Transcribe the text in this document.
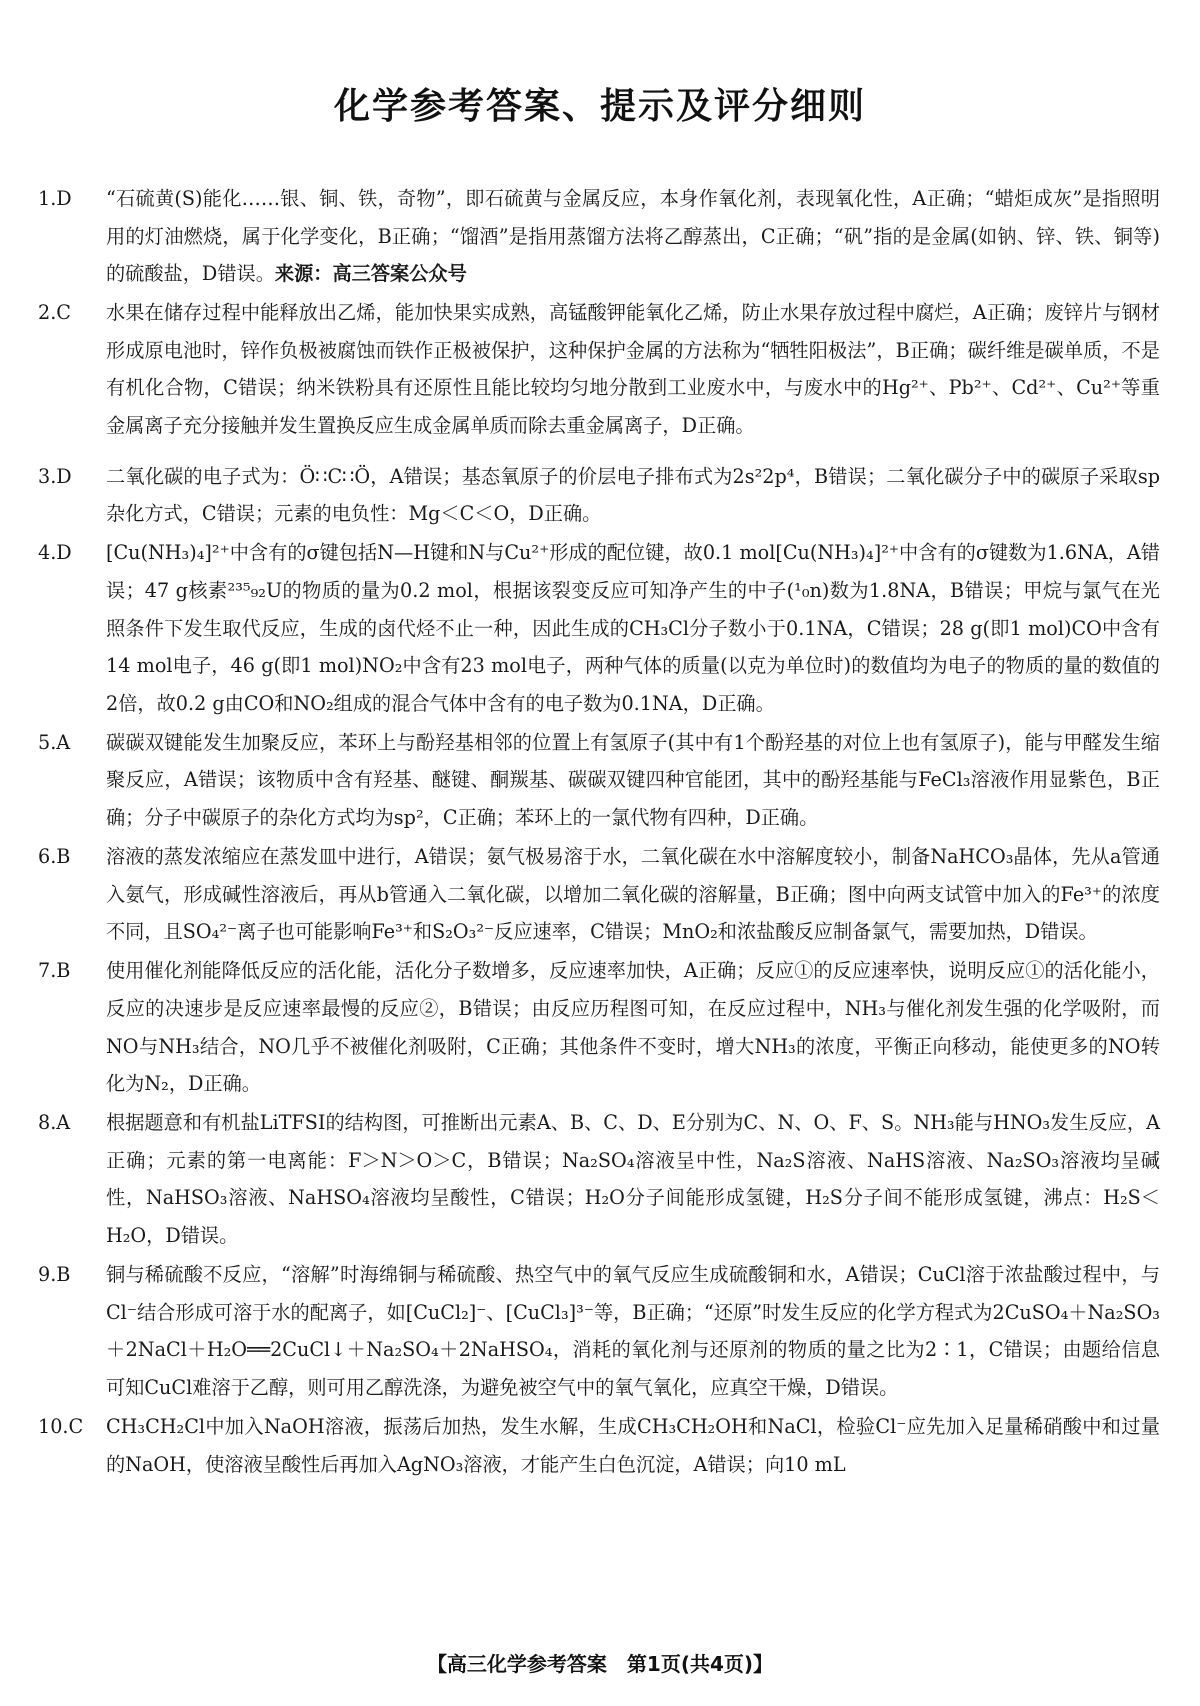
化学参考答案、提示及评分细则
1.D “石硫黄(S)能化……银、铜、铁，奇物”，即石硫黄与金属反应，本身作氧化剂，表现氧化性，A正确；“蜡炬成灰”是指照明用的灯油燃烧，属于化学变化，B正确；“馏酒”是指用蒸馏方法将乙醇蒸出，C正确；“矾”指的是金属(如钠、锌、铁、铜等)的硫酸盐，D错误。来源：高三答案公众号
2.C 水果在储存过程中能释放出乙烯，能加快果实成熟，高锰酸钾能氧化乙烯，防止水果存放过程中腐烂，A正确；废锌片与钢材形成原电池时，锌作负极被腐蚀而铁作正极被保护，这种保护金属的方法称为“牺牲阳极法”，B正确；碳纤维是碳单质，不是有机化合物，C错误；纳米铁粉具有还原性且能比较均匀地分散到工业废水中，与废水中的Hg²⁺、Pb²⁺、Cd²⁺、Cu²⁺等重金属离子充分接触并发生置换反应生成金属单质而除去重金属离子，D正确。
3.D 二氧化碳的电子式为：Ö∷C∷Ö，A错误；基态氧原子的价层电子排布式为2s²2p⁴，B错误；二氧化碳分子中的碳原子采取sp杂化方式，C错误；元素的电负性：Mg＜C＜O，D正确。
4.D [Cu(NH₃)₄]²⁺中含有的σ键包括N—H键和N与Cu²⁺形成的配位键，故0.1 mol[Cu(NH₃)₄]²⁺中含有的σ键数为1.6NA，A错误；47 g核素²³⁵₉₂U的物质的量为0.2 mol，根据该裂变反应可知净产生的中子(¹₀n)数为1.8NA，B错误；甲烷与氯气在光照条件下发生取代反应，生成的卤代烃不止一种，因此生成的CH₃Cl分子数小于0.1NA，C错误；28 g(即1 mol)CO中含有14 mol电子，46 g(即1 mol)NO₂中含有23 mol电子，两种气体的质量(以克为单位时)的数值均为电子的物质的量的数值的2倍，故0.2 g由CO和NO₂组成的混合气体中含有的电子数为0.1NA，D正确。
5.A 碳碳双键能发生加聚反应，苯环上与酚羟基相邻的位置上有氢原子(其中有1个酚羟基的对位上也有氢原子)，能与甲醛发生缩聚反应，A错误；该物质中含有羟基、醚键、酮羰基、碳碳双键四种官能团，其中的酚羟基能与FeCl₃溶液作用显紫色，B正确；分子中碳原子的杂化方式均为sp²，C正确；苯环上的一氯代物有四种，D正确。
6.B 溶液的蒸发浓缩应在蒸发皿中进行，A错误；氨气极易溶于水，二氧化碳在水中溶解度较小，制备NaHCO₃晶体，先从a管通入氨气，形成碱性溶液后，再从b管通入二氧化碳，以增加二氧化碳的溶解量，B正确；图中向两支试管中加入的Fe³⁺的浓度不同，且SO₄²⁻离子也可能影响Fe³⁺和S₂O₃²⁻反应速率，C错误；MnO₂和浓盐酸反应制备氯气，需要加热，D错误。
7.B 使用催化剂能降低反应的活化能，活化分子数增多，反应速率加快，A正确；反应①的反应速率快，说明反应①的活化能小，反应的决速步是反应速率最慢的反应②，B错误；由反应历程图可知，在反应过程中，NH₃与催化剂发生强的化学吸附，而NO与NH₃结合，NO几乎不被催化剂吸附，C正确；其他条件不变时，增大NH₃的浓度，平衡正向移动，能使更多的NO转化为N₂，D正确。
8.A 根据题意和有机盐LiTFSI的结构图，可推断出元素A、B、C、D、E分别为C、N、O、F、S。NH₃能与HNO₃发生反应，A正确；元素的第一电离能：F＞N＞O＞C，B错误；Na₂SO₄溶液呈中性，Na₂S溶液、NaHS溶液、Na₂SO₃溶液均呈碱性，NaHSO₃溶液、NaHSO₄溶液均呈酸性，C错误；H₂O分子间能形成氢键，H₂S分子间不能形成氢键，沸点：H₂S＜H₂O，D错误。
9.B 铜与稀硫酸不反应，“溶解”时海绵铜与稀硫酸、热空气中的氧气反应生成硫酸铜和水，A错误；CuCl溶于浓盐酸过程中，与Cl⁻结合形成可溶于水的配离子，如[CuCl₂]⁻、[CuCl₃]³⁻等，B正确；“还原”时发生反应的化学方程式为2CuSO₄＋Na₂SO₃＋2NaCl＋H₂O══2CuCl↓＋Na₂SO₄＋2NaHSO₄，消耗的氧化剂与还原剂的物质的量之比为2∶1，C错误；由题给信息可知CuCl难溶于乙醇，则可用乙醇洗涤，为避免被空气中的氧气氧化，应真空干燥，D错误。
10.C CH₃CH₂Cl中加入NaOH溶液，振荡后加热，发生水解，生成CH₃CH₂OH和NaCl，检验Cl⁻应先加入足量稀硝酸中和过量的NaOH，使溶液呈酸性后再加入AgNO₃溶液，才能产生白色沉淀，A错误；向10 mL
【高三化学参考答案　第1页(共4页)】
